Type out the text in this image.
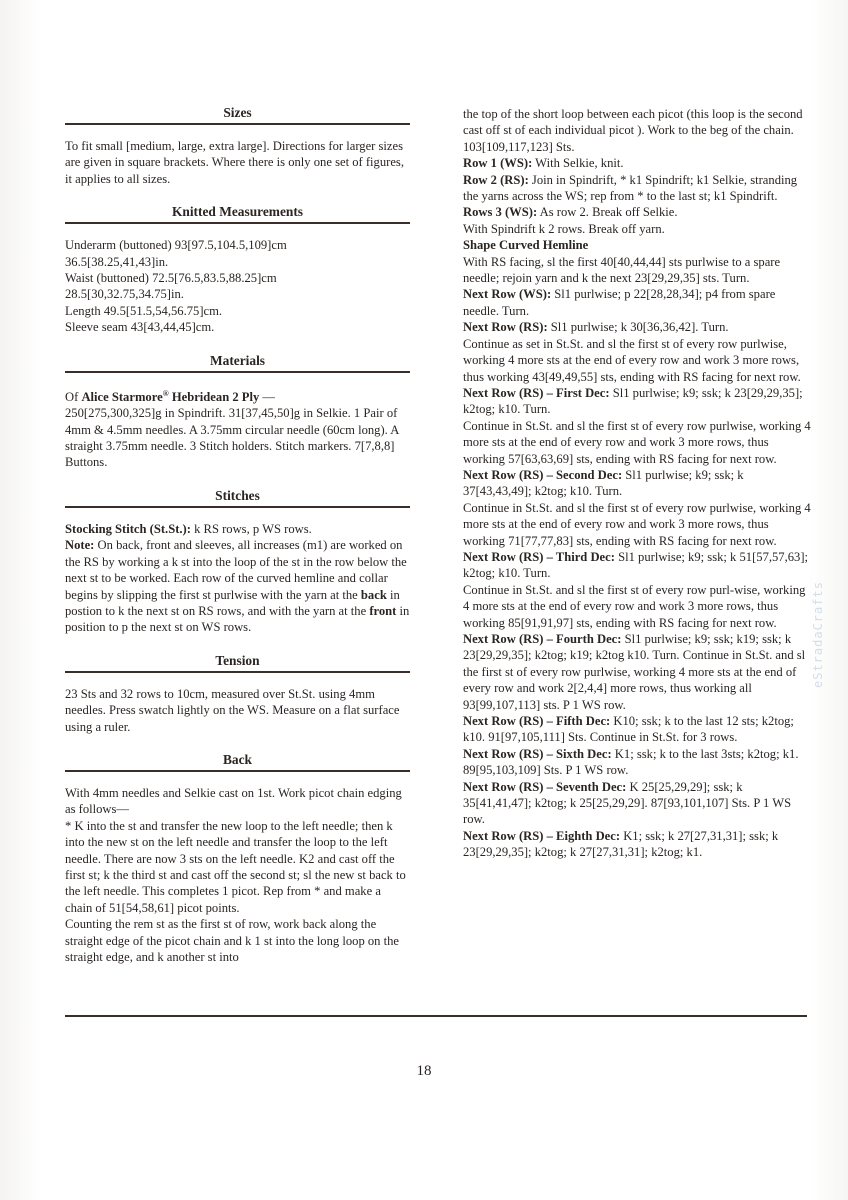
Sizes

To fit small [medium, large, extra large]. Directions for larger sizes are given in square brackets. Where there is only one set of figures, it applies to all sizes.

Knitted Measurements

Underarm (buttoned) 93[97.5,104.5,109]cm

36.5[38.25,41,43]in.

Waist (buttoned) 72.5[76.5,83.5,88.25]cm

28.5[30,32.75,34.75]in.

Length 49.5[51.5,54,56.75]cm.

Sleeve seam 43[43,44,45]cm.

Materials

Of Alice Starmore® Hebridean 2 Ply —

250[275,300,325]g in Spindrift. 31[37,45,50]g in Selkie. 1 Pair of 4mm & 4.5mm needles. A 3.75mm circular needle (60cm long). A straight 3.75mm needle. 3 Stitch holders. Stitch markers. 7[7,8,8] Buttons.

Stitches

Stocking Stitch (St.St.): k RS rows, p WS rows.

Note: On back, front and sleeves, all increases (m1) are worked on the RS by working a k st into the loop of the st in the row below the next st to be worked. Each row of the curved hemline and collar begins by slipping the first st purlwise with the yarn at the back in postion to k the next st on RS rows, and with the yarn at the front in position to p the next st on WS rows.

Tension

23 Sts and 32 rows to 10cm, measured over St.St. using 4mm needles. Press swatch lightly on the WS. Measure on a flat surface using a ruler.

Back

With 4mm needles and Selkie cast on 1st. Work picot chain edging as follows—

* K into the st and transfer the new loop to the left needle; then k into the new st on the left needle and transfer the loop to the left needle. There are now 3 sts on the left needle. K2 and cast off the first st; k the third st and cast off the second st; sl the new st back to the left needle. This completes 1 picot. Rep from * and make a chain of 51[54,58,61] picot points.

Counting the rem st as the first st of row, work back along the straight edge of the picot chain and k 1 st into the long loop on the straight edge, and k another st into

the top of the short loop between each picot (this loop is the second cast off st of each individual picot ). Work to the beg of the chain. 103[109,117,123] Sts.

Row 1 (WS): With Selkie, knit.

Row 2 (RS): Join in Spindrift, * k1 Spindrift; k1 Selkie, stranding the yarns across the WS; rep from * to the last st; k1 Spindrift.

Rows 3 (WS): As row 2. Break off Selkie.

With Spindrift k 2 rows. Break off yarn.

Shape Curved Hemline

With RS facing, sl the first 40[40,44,44] sts purlwise to a spare needle; rejoin yarn and k the next 23[29,29,35] sts. Turn.

Next Row (WS): Sl1 purlwise; p 22[28,28,34]; p4 from spare needle. Turn.

Next Row (RS): Sl1 purlwise; k 30[36,36,42]. Turn.

Continue as set in St.St. and sl the first st of every row purlwise, working 4 more sts at the end of every row and work 3 more rows, thus working 43[49,49,55] sts, ending with RS facing for next row.

Next Row (RS) – First Dec: Sl1 purlwise; k9; ssk; k 23[29,29,35]; k2tog; k10. Turn.

Continue in St.St. and sl the first st of every row purlwise, working 4 more sts at the end of every row and work 3 more rows, thus working 57[63,63,69] sts, ending with RS facing for next row.

Next Row (RS) – Second Dec: Sl1 purlwise; k9; ssk; k 37[43,43,49]; k2tog; k10. Turn.

Continue in St.St. and sl the first st of every row purlwise, working 4 more sts at the end of every row and work 3 more rows, thus working 71[77,77,83] sts, ending with RS facing for next row.

Next Row (RS) – Third Dec: Sl1 purlwise; k9; ssk; k 51[57,57,63]; k2tog; k10. Turn.

Continue in St.St. and sl the first st of every row purl-wise, working 4 more sts at the end of every row and work 3 more rows, thus working 85[91,91,97] sts, ending with RS facing for next row.

Next Row (RS) – Fourth Dec: Sl1 purlwise; k9; ssk; k19; ssk; k 23[29,29,35]; k2tog; k19; k2tog k10. Turn. Continue in St.St. and sl the first st of every row purlwise, working 4 more sts at the end of every row and work 2[2,4,4] more rows, thus working all 93[99,107,113] sts. P 1 WS row.

Next Row (RS) – Fifth Dec: K10; ssk; k to the last 12 sts; k2tog; k10. 91[97,105,111] Sts. Continue in St.St. for 3 rows.

Next Row (RS) – Sixth Dec: K1; ssk; k to the last 3sts; k2tog; k1. 89[95,103,109] Sts. P 1 WS row.

Next Row (RS) – Seventh Dec: K 25[25,29,29]; ssk; k 35[41,41,47]; k2tog; k 25[25,29,29]. 87[93,101,107] Sts. P 1 WS row.

Next Row (RS) – Eighth Dec: K1; ssk; k 27[27,31,31]; ssk; k 23[29,29,35]; k2tog; k 27[27,31,31]; k2tog; k1.

18
eStradaCrafts
